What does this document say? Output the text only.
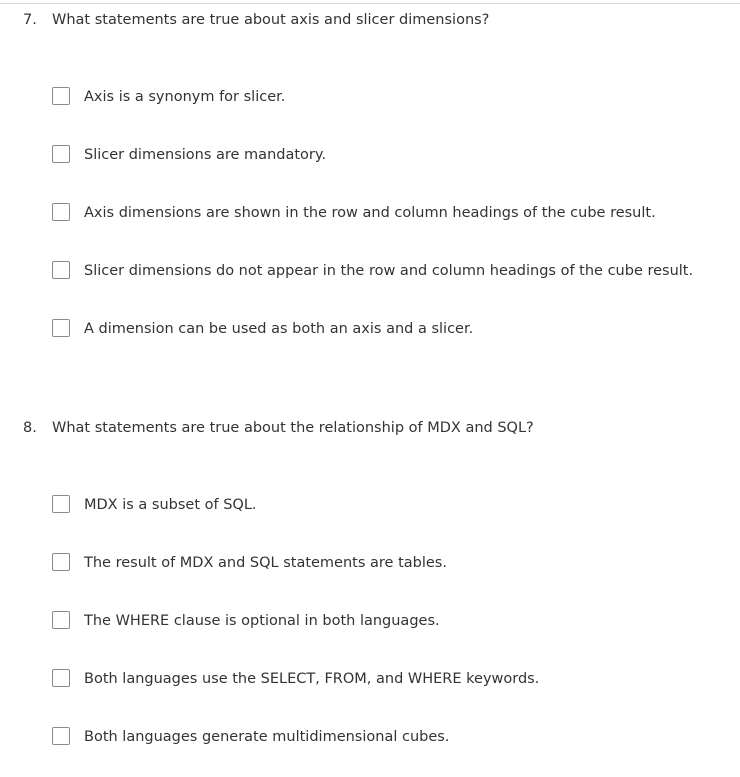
7. What statements are true about axis and slicer dimensions?
Axis is a synonym for slicer.
Slicer dimensions are mandatory.
Axis dimensions are shown in the row and column headings of the cube result.
Slicer dimensions do not appear in the row and column headings of the cube result.
A dimension can be used as both an axis and a slicer.
8. What statements are true about the relationship of MDX and SQL?
MDX is a subset of SQL.
The result of MDX and SQL statements are tables.
The WHERE clause is optional in both languages.
Both languages use the SELECT, FROM, and WHERE keywords.
Both languages generate multidimensional cubes.
